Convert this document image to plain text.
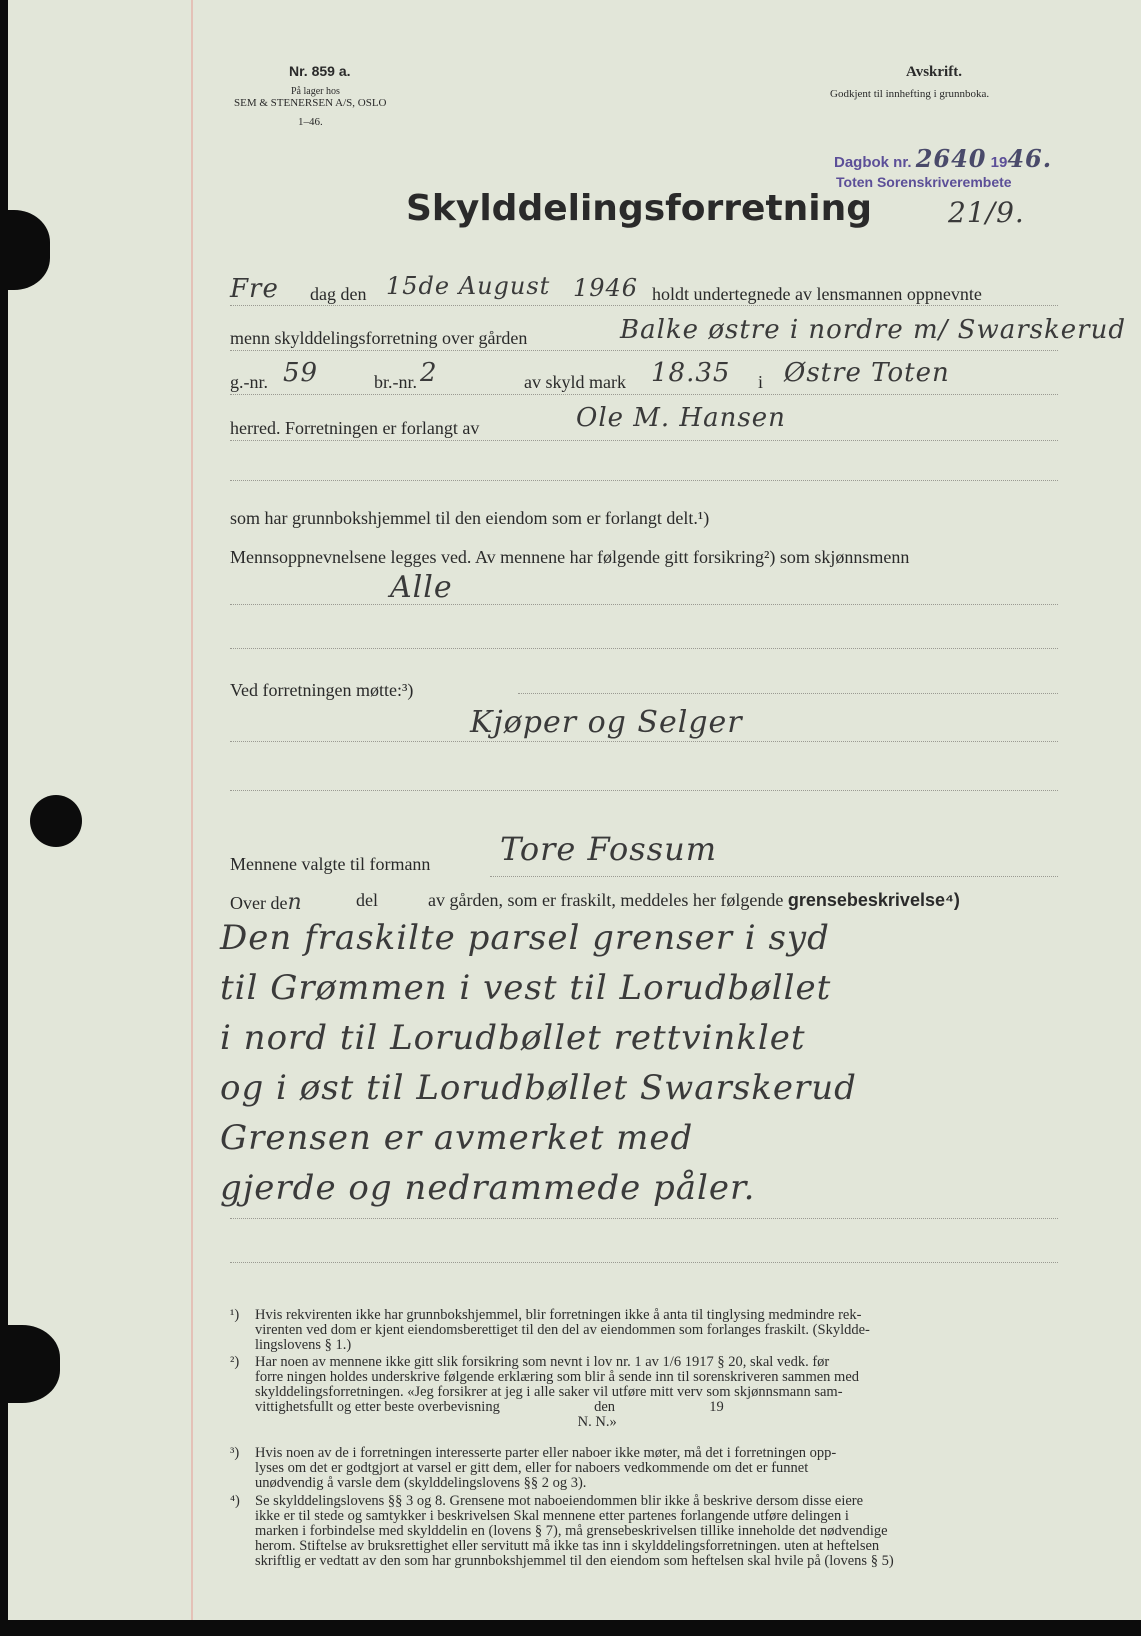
Nr. 859 a.
På lager hos
SEM & STENERSEN A/S, OSLO
1–46.
Avskrift.
Godkjent til innhefting i grunnboka.
Dagbok nr. 2640 1946.
Toten Sorenskriverembete
21/9.
Skylddelingsforretning
Fre dag den 15de August 1946 holdt undertegnede av lensmannen oppnevnte
menn skylddelingsforretning over gården	Balke østre i nordre m/ Swarskerud
g.-nr. 59	br.-nr. 2	av skyld mark 18.35 i Østre Toten
herred. Forretningen er forlangt av	Ole M. Hansen
som har grunnbokshjemmel til den eiendom som er forlangt delt.¹)
Mennsoppnevnelsene legges ved. Av mennene har følgende gitt forsikring²) som skjønnsmenn
Alle
Ved forretningen møtte:³)
Kjøper og Selger
Mennene valgte til formann Tore Fossum
Over den	del	av gården, som er fraskilt, meddeles her følgende grensebeskrivelse⁴)
Den fraskilte parsel grenser i syd
til Grømmen i vest til Lorudbøllet
i nord til Lorudbøllet rettvinklet
og i øst til Lorudbøllet Swarskerud
Grensen er avmerket med
gjerde og nedrammede påler.
¹) Hvis rekvirenten ikke har grunnbokshjemmel, blir forretningen ikke å anta til tinglysing medmindre rek-

virenten ved dom er kjent eiendomsberettiget til den del av eiendommen som forlanges fraskilt. (Skyldde-

lingslovens § 1.)

²) Har noen av mennene ikke gitt slik forsikring som nevnt i lov nr. 1 av 1/6 1917 § 20, skal vedk. før

forre ningen holdes underskrive følgende erklæring som blir å sende inn til sorenskriveren sammen med

skylddelingsforretningen. «Jeg forsikrer at jeg i alle saker vil utføre mitt verv som skjønnsmann sam-

vittighetsfullt og etter beste overbevisning                          den                          19

N. N.»

³) Hvis noen av de i forretningen interesserte parter eller naboer ikke møter, må det i forretningen opp-

lyses om det er godtgjort at varsel er gitt dem, eller for naboers vedkommende om det er funnet

unødvendig å varsle dem (skylddelingslovens §§ 2 og 3).

⁴) Se skylddelingslovens §§ 3 og 8. Grensene mot naboeiendommen blir ikke å beskrive dersom disse eiere

ikke er til stede og samtykker i beskrivelsen Skal mennene etter partenes forlangende utføre delingen i

marken i forbindelse med skylddelin en (lovens § 7), må grensebeskrivelsen tillike inneholde det nødvendige

herom. Stiftelse av bruksrettighet eller servitutt må ikke tas inn i skylddelingsforretningen. uten at heftelsen

skriftlig er vedtatt av den som har grunnbokshjemmel til den eiendom som heftelsen skal hvile på (lovens § 5)
